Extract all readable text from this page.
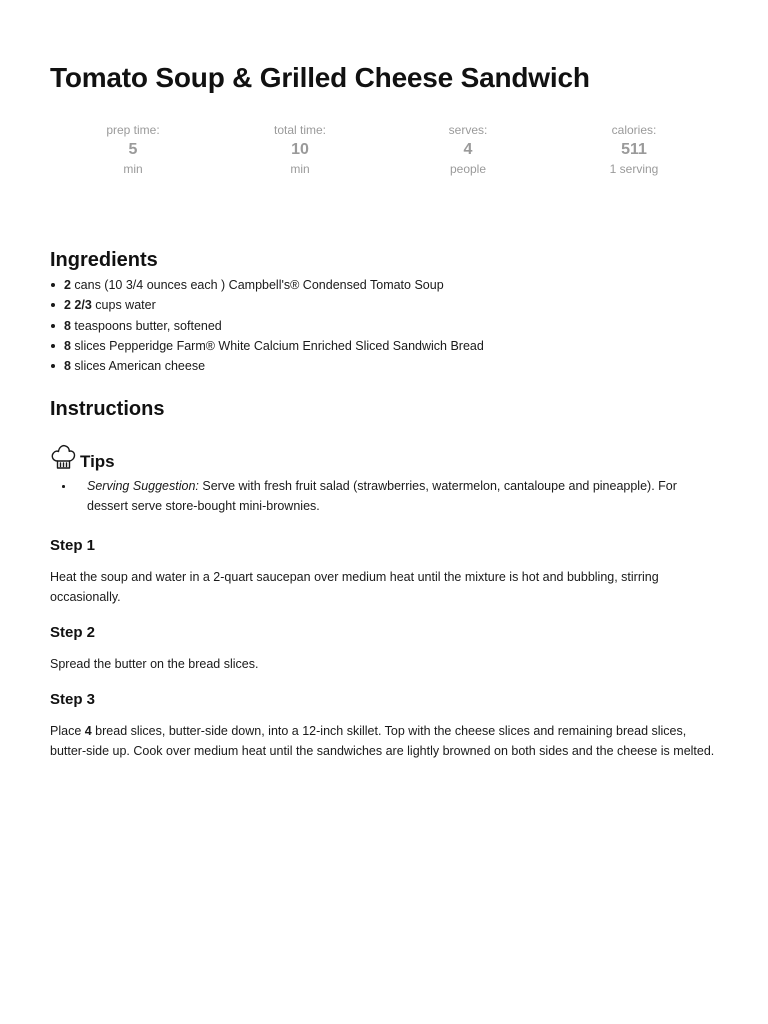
Tomato Soup & Grilled Cheese Sandwich
prep time:
5
min
total time:
10
min
serves:
4
people
calories:
511
1 serving
Ingredients
2 cans (10 3/4 ounces each ) Campbell's® Condensed Tomato Soup
2 2/3 cups water
8 teaspoons butter, softened
8 slices Pepperidge Farm® White Calcium Enriched Sliced Sandwich Bread
8 slices American cheese
Instructions
Tips
Serving Suggestion: Serve with fresh fruit salad (strawberries, watermelon, cantaloupe and pineapple). For dessert serve store-bought mini-brownies.
Step 1

Heat the soup and water in a 2-quart saucepan over medium heat until the mixture is hot and bubbling, stirring occasionally.

Step 2

Spread the butter on the bread slices.

Step 3

Place 4 bread slices, butter-side down, into a 12-inch skillet. Top with the cheese slices and remaining bread slices, butter-side up. Cook over medium heat until the sandwiches are lightly browned on both sides and the cheese is melted.
